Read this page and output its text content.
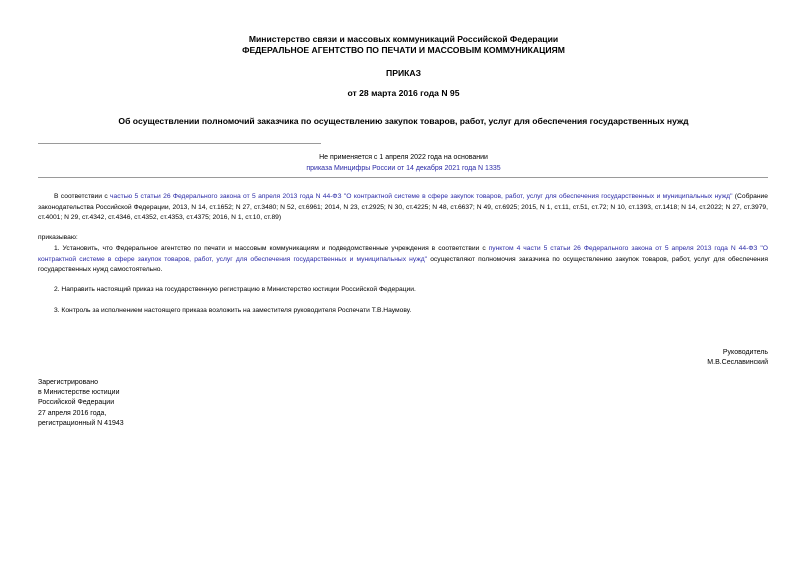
Министерство связи и массовых коммуникаций Российской Федерации
ФЕДЕРАЛЬНОЕ АГЕНТСТВО ПО ПЕЧАТИ И МАССОВЫМ КОММУНИКАЦИЯМ
ПРИКАЗ
от 28 марта 2016 года N 95
Об осуществлении полномочий заказчика по осуществлению закупок товаров, работ, услуг для обеспечения государственных нужд
Не применяется с 1 апреля 2022 года на основании
приказа Минцифры России от 14 декабря 2021 года N 1335
В соответствии с частью 5 статьи 26 Федерального закона от 5 апреля 2013 года N 44-ФЗ "О контрактной системе в сфере закупок товаров, работ, услуг для обеспечения государственных и муниципальных нужд" (Собрание законодательства Российской Федерации, 2013, N 14, ст.1652; N 27, ст.3480; N 52, ст.6961; 2014, N 23, ст.2925; N 30, ст.4225; N 48, ст.6637; N 49, ст.6925; 2015, N 1, ст.11, ст.51, ст.72; N 10, ст.1393, ст.1418; N 14, ст.2022; N 27, ст.3979, ст.4001; N 29, ст.4342, ст.4346, ст.4352, ст.4353, ст.4375; 2016, N 1, ст.10, ст.89)
приказываю:
1. Установить, что Федеральное агентство по печати и массовым коммуникациям и подведомственные учреждения в соответствии с пунктом 4 части 5 статьи 26 Федерального закона от 5 апреля 2013 года N 44-ФЗ "О контрактной системе в сфере закупок товаров, работ, услуг для обеспечения государственных и муниципальных нужд" осуществляют полномочия заказчика по осуществлению закупок товаров, работ, услуг для обеспечения государственных нужд самостоятельно.
2. Направить настоящий приказ на государственную регистрацию в Министерство юстиции Российской Федерации.
3. Контроль за исполнением настоящего приказа возложить на заместителя руководителя Роспечати Т.В.Наумову.
Руководитель
М.В.Сеславинский
Зарегистрировано
в Министерстве юстиции
Российской Федерации
27 апреля 2016 года,
регистрационный N 41943
